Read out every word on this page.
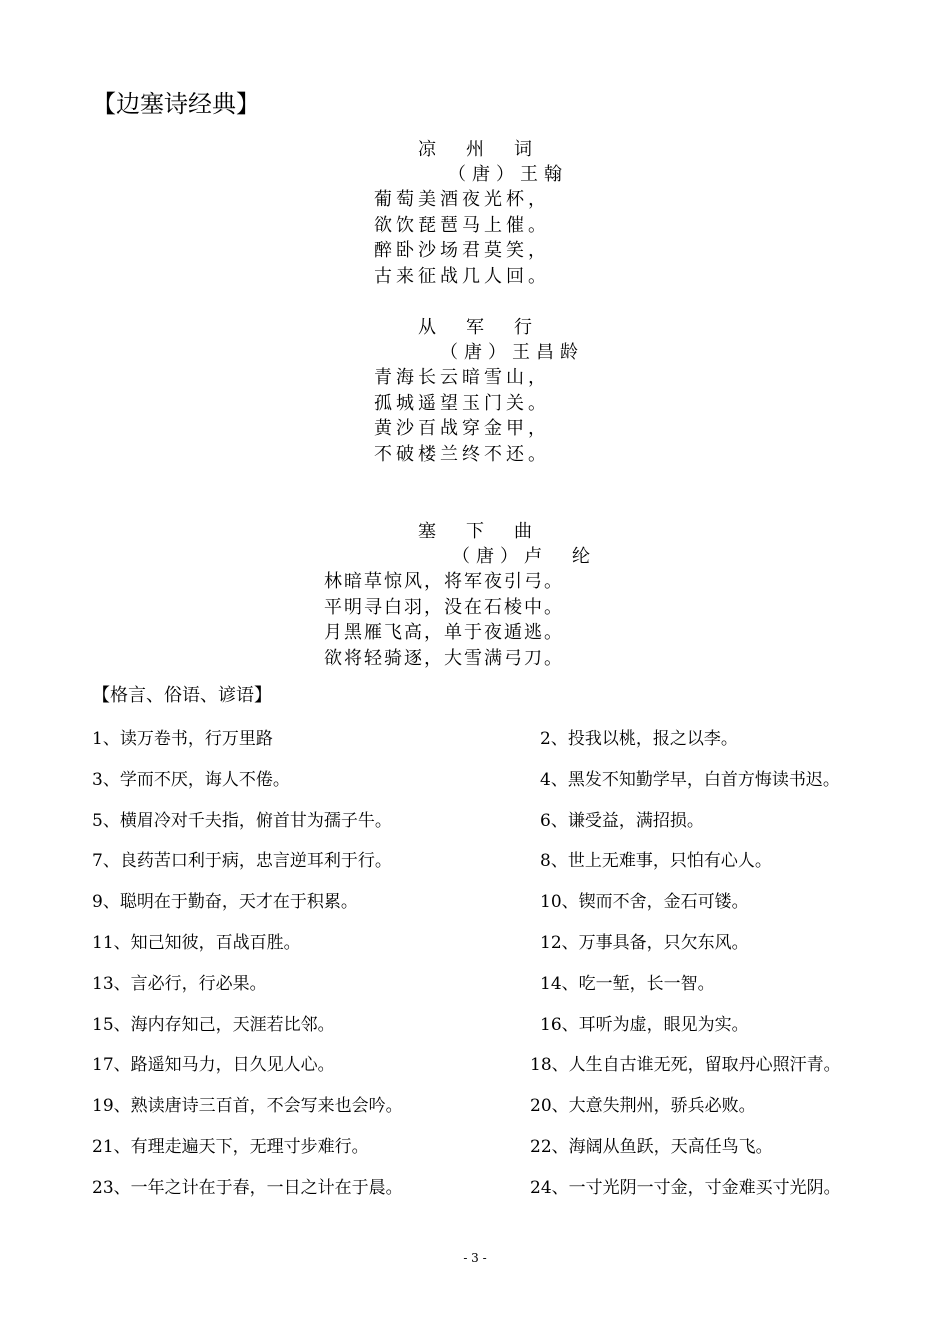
【边塞诗经典】
凉　州　词
（唐）王翰
葡萄美酒夜光杯，
欲饮琵琶马上催。
醉卧沙场君莫笑，
古来征战几人回。
从　军　行
（唐）王昌龄
青海长云暗雪山，
孤城遥望玉门关。
黄沙百战穿金甲，
不破楼兰终不还。
塞　下　曲
（唐）卢　纶
林暗草惊风，将军夜引弓。
平明寻白羽，没在石棱中。
月黑雁飞高，单于夜遁逃。
欲将轻骑逐，大雪满弓刀。
【格言、俗语、谚语】
1、读万卷书，行万里路	2、投我以桃，报之以李。
3、学而不厌，诲人不倦。	4、黑发不知勤学早，白首方悔读书迟。
5、横眉冷对千夫指，俯首甘为孺子牛。	6、谦受益，满招损。
7、良药苦口利于病，忠言逆耳利于行。	8、世上无难事，只怕有心人。
9、聪明在于勤奋，天才在于积累。	10、锲而不舍，金石可镂。
11、知己知彼，百战百胜。	12、万事具备，只欠东风。
13、言必行，行必果。	14、吃一堑，长一智。
15、海内存知己，天涯若比邻。	16、耳听为虚，眼见为实。
17、路遥知马力，日久见人心。	18、人生自古谁无死，留取丹心照汗青。
19、熟读唐诗三百首，不会写来也会吟。	20、大意失荆州，骄兵必败。
21、有理走遍天下，无理寸步难行。	22、海阔从鱼跃，天高任鸟飞。
23、一年之计在于春，一日之计在于晨。	24、一寸光阴一寸金，寸金难买寸光阴。
- 3 -
